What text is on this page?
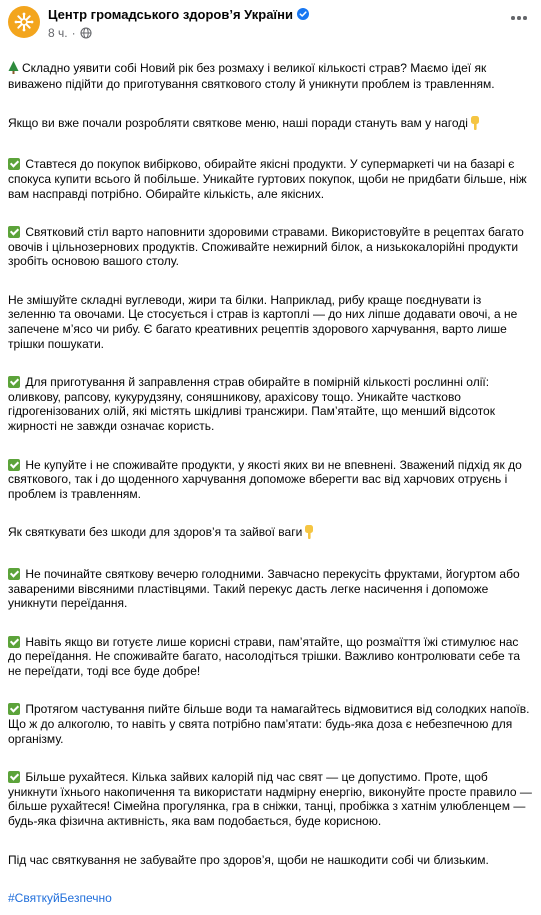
Центр громадського здоров’я України
8 ч. ·

Складно уявити собі Новий рік без розмаху і великої кількості страв? Маємо ідеї як виважено підійти до приготування святкового столу й уникнути проблем із травленням.

Якщо ви вже почали розробляти святкове меню, наші поради стануть вам у нагоді

Ставтеся до покупок вибірково, обирайте якісні продукти. У супермаркеті чи на базарі є спокуса купити всього й побільше. Уникайте гуртових покупок, щоби не придбати більше, ніж вам насправді потрібно. Обирайте кількість, але якісних.

Святковий стіл варто наповнити здоровими стравами. Використовуйте в рецептах багато овочів і цільнозернових продуктів. Споживайте нежирний білок, а низькокалорійні продукти зробіть основою вашого столу.

Не змішуйте складні вуглеводи, жири та білки. Наприклад, рибу краще поєднувати із зеленню та овочами. Це стосується і страв із картоплі — до них ліпше додавати овочі, а не запечене м’ясо чи рибу. Є багато креативних рецептів здорового харчування, варто лише трішки пошукати.

Для приготування й заправлення страв обирайте в помірній кількості рослинні олії: оливкову, рапсову, кукурудзяну, соняшникову, арахісову тощо. Уникайте частково гідрогенізованих олій, які містять шкідливі трансжири. Пам’ятайте, що менший відсоток жирності не завжди означає користь.

Не купуйте і не споживайте продукти, у якості яких ви не впевнені. Зважений підхід як до святкового, так і до щоденного харчування допоможе вберегти вас від харчових отруєнь і проблем із травленням.

Як святкувати без шкоди для здоров’я та зайвої ваги

Не починайте святкову вечерю голодними. Завчасно перекусіть фруктами, йогуртом або завареними вівсяними пластівцями. Такий перекус дасть легке насичення і допоможе уникнути переїдання.

Навіть якщо ви готуєте лише корисні страви, пам’ятайте, що розмаїття їжі стимулює нас до переїдання. Не споживайте багато, насолодіться трішки. Важливо контролювати себе та не переїдати, тоді все буде добре!

Протягом частування пийте більше води та намагайтесь відмовитися від солодких напоїв. Що ж до алкоголю, то навіть у свята потрібно пам’ятати: будь-яка доза є небезпечною для організму.

Більше рухайтеся. Кілька зайвих калорій під час свят — це допустимо. Проте, щоб уникнути їхнього накопичення та використати надмірну енергію, виконуйте просте правило — більше рухайтеся! Сімейна прогулянка, гра в сніжки, танці, пробіжка з хатнім улюбленцем — будь-яка фізична активність, яка вам подобається, буде корисною.

Під час святкування не забувайте про здоров’я, щоби не нашкодити собі чи близьким.

#СвяткуйБезпечно
